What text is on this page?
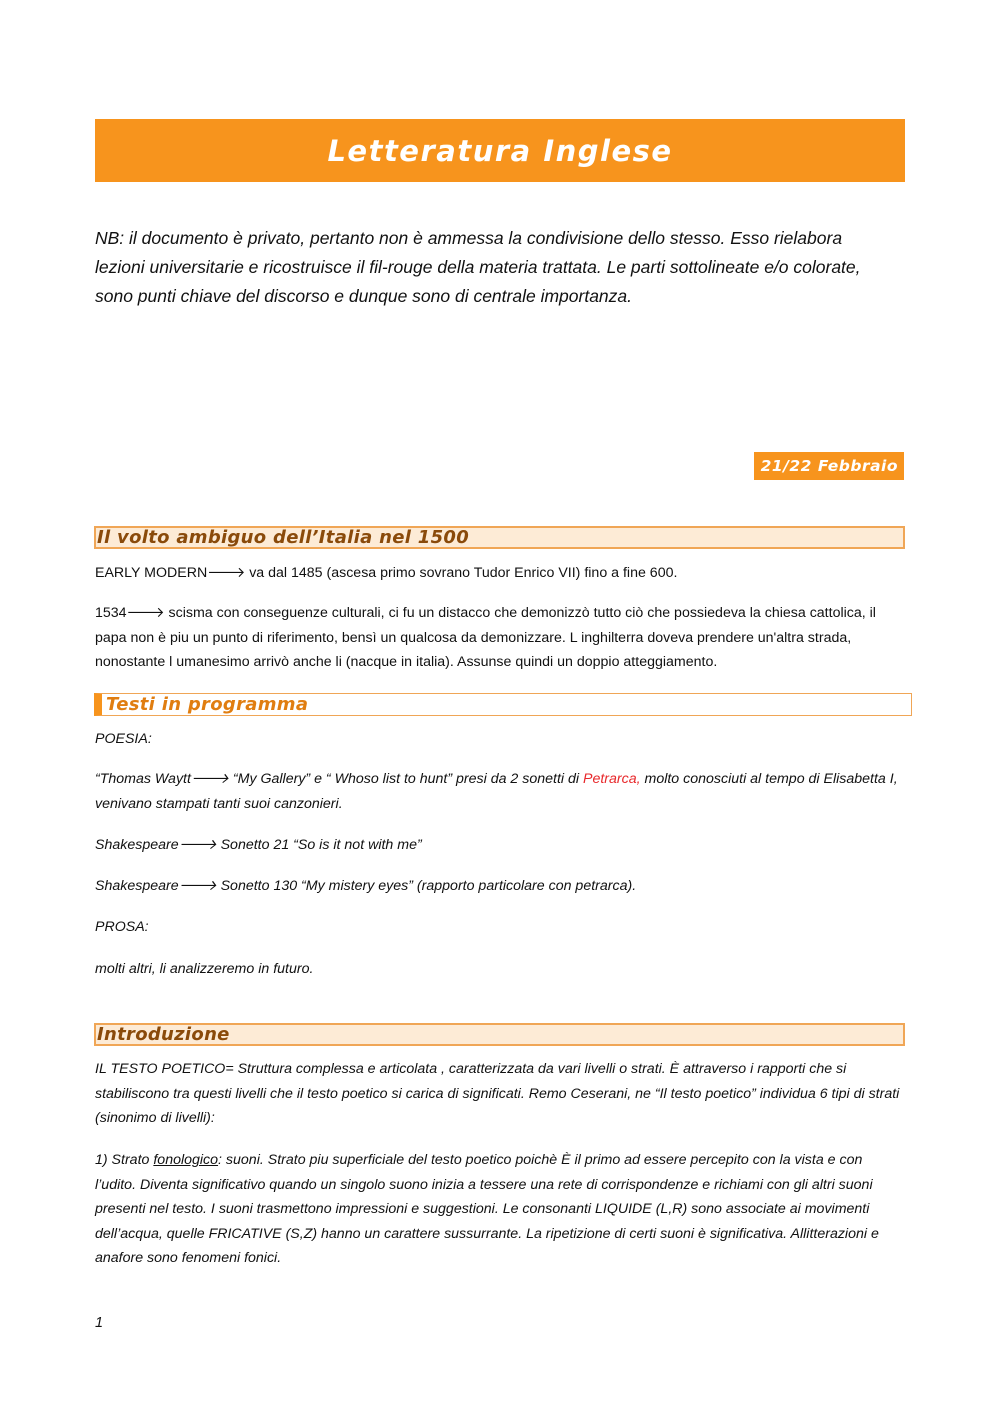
Letteratura Inglese
NB: il documento è privato, pertanto non è ammessa la condivisione dello stesso. Esso rielabora lezioni universitarie e ricostruisce il fil-rouge della materia trattata. Le parti sottolineate e/o colorate, sono punti chiave del discorso e dunque sono di centrale importanza.
21/22 Febbraio
Il volto ambiguo dell’Italia nel 1500
EARLY MODERN🡒 va dal 1485 (ascesa primo sovrano Tudor Enrico VII) fino a fine 600.
1534🡒 scisma con conseguenze culturali, ci fu un distacco che demonizzò tutto ciò che possiedeva la chiesa cattolica, il papa non è piu un punto di riferimento, bensì un qualcosa da demonizzare. L inghilterra doveva prendere un'altra strada, nonostante l umanesimo arrivò anche li (nacque in italia). Assunse quindi un doppio atteggiamento.
Testi in programma
POESIA:
“Thomas Waytt🡒 “My Gallery” e “ Whoso list to hunt” presi da 2 sonetti di Petrarca, molto conosciuti al tempo di Elisabetta I, venivano stampati tanti suoi canzonieri.
Shakespeare🡒 Sonetto 21 “So is it not with me”
Shakespeare🡒 Sonetto 130 “My mistery eyes” (rapporto particolare con petrarca).
PROSA:
molti altri, li analizzeremo in futuro.
Introduzione
IL TESTO POETICO= Struttura complessa e articolata , caratterizzata da vari livelli o strati. È attraverso i rapporti che si stabiliscono tra questi livelli che il testo poetico si carica di significati. Remo Ceserani, ne “Il testo poetico” individua 6 tipi di strati (sinonimo di livelli):
1) Strato fonologico: suoni. Strato piu superficiale del testo poetico poichè È il primo ad essere percepito con la vista e con l’udito. Diventa significativo quando un singolo suono inizia a tessere una rete di corrispondenze e richiami con gli altri suoni presenti nel testo. I suoni trasmettono impressioni e suggestioni. Le consonanti LIQUIDE (L,R) sono associate ai movimenti dell’acqua, quelle FRICATIVE (S,Z) hanno un carattere sussurrante. La ripetizione di certi suoni è significativa. Allitterazioni e anafore sono fenomeni fonici.
1
